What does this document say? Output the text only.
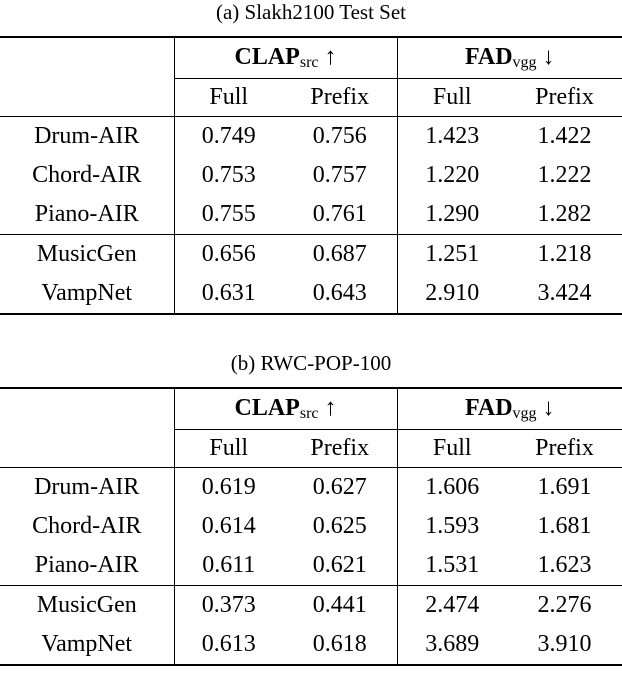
(a) Slakh2100 Test Set
	$CLAP_{src}$ ↑		$FAD_{vgg}$ ↓	
	Full	Prefix	Full	Prefix
Drum-AIR	0.749	0.756	1.423	1.422
Chord-AIR	0.753	0.757	1.220	1.222
Piano-AIR	0.755	0.761	1.290	1.282
MusicGen	0.656	0.687	1.251	1.218
VampNet	0.631	0.643	2.910	3.424
(b) RWC-POP-100
	$CLAP_{src}$ ↑		$FAD_{vgg}$ ↓	
	Full	Prefix	Full	Prefix
Drum-AIR	0.619	0.627	1.606	1.691
Chord-AIR	0.614	0.625	1.593	1.681
Piano-AIR	0.611	0.621	1.531	1.623
MusicGen	0.373	0.441	2.474	2.276
VampNet	0.613	0.618	3.689	3.910
